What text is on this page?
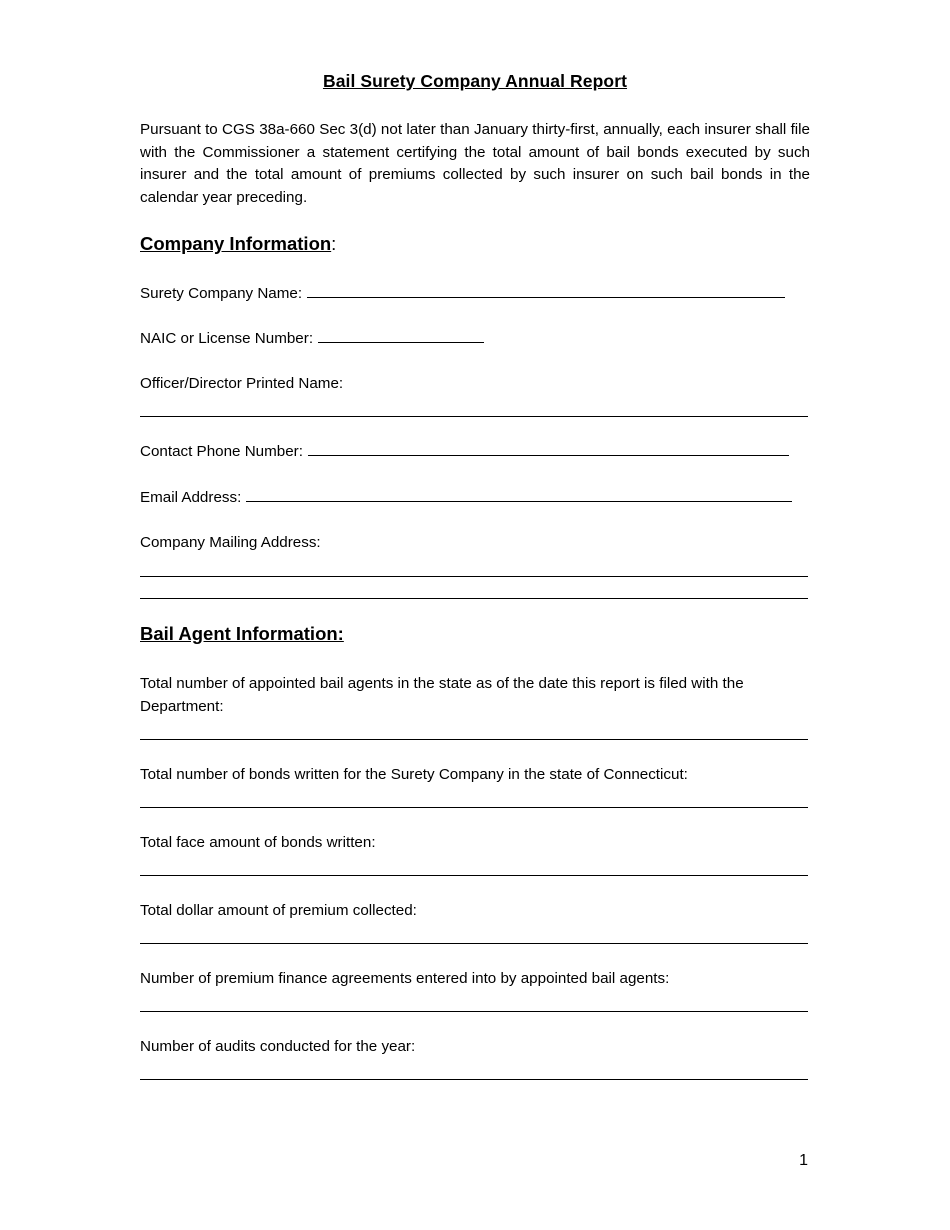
Bail Surety Company Annual Report

Pursuant to CGS 38a-660 Sec 3(d) not later than January thirty-first, annually, each insurer shall file with the Commissioner a statement certifying the total amount of bail bonds executed by such insurer and the total amount of premiums collected by such insurer on such bail bonds in the calendar year preceding.

Company Information:
Surety Company Name:
NAIC or License Number:
Officer/Director Printed Name:
Contact Phone Number:
Email Address:
Company Mailing Address:
Bail Agent Information:
Total number of appointed bail agents in the state as of the date this report is filed with the Department:
Total number of bonds written for the Surety Company in the state of Connecticut:
Total face amount of bonds written:
Total dollar amount of premium collected:
Number of premium finance agreements entered into by appointed bail agents:
Number of audits conducted for the year:
1
